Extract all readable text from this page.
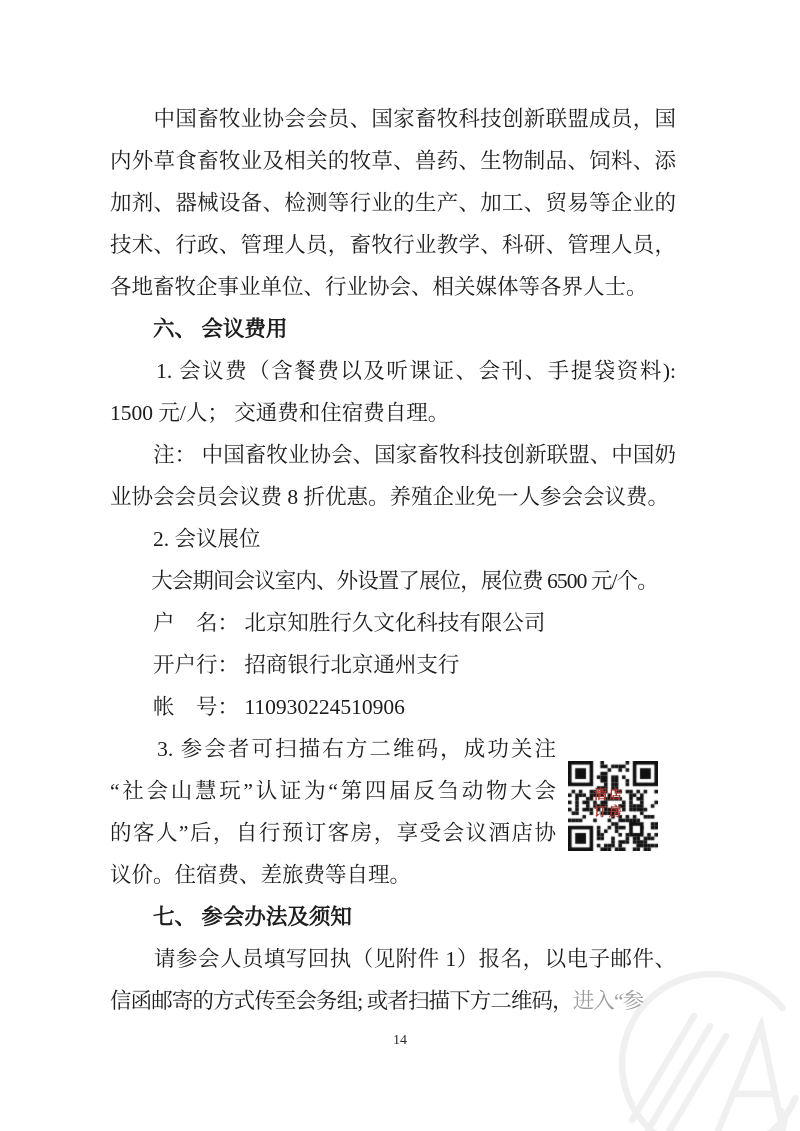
　　中国畜牧业协会会员、国家畜牧科技创新联盟成员，国
内外草食畜牧业及相关的牧草、兽药、生物制品、饲料、添
加剂、器械设备、检测等行业的生产、加工、贸易等企业的
技术、行政、管理人员，畜牧行业教学、科研、管理人员，
各地畜牧企事业单位、行业协会、相关媒体等各界人士。
　　六、 会议费用
　　1. 会议费（含餐费以及听课证、会刊、手提袋资料):
1500 元/人； 交通费和住宿费自理。
　　注： 中国畜牧业协会、国家畜牧科技创新联盟、中国奶
业协会会员会议费 8 折优惠。养殖企业免一人参会会议费。
　　2. 会议展位
　　大会期间会议室内、外设置了展位，展位费 6500 元/个。
　　户　名： 北京知胜行久文化科技有限公司
　　开户行： 招商银行北京通州支行
　　帐　号： 110930224510906
　　3. 参会者可扫描右方二维码，成功关注
“社会山慧玩”认证为“第四届反刍动物大会
的客人”后，自行预订客房，享受会议酒店协
议价。住宿费、差旅费等自理。
　　七、 参会办法及须知
　　请参会人员填写回执（见附件 1）报名，以电子邮件、
信函邮寄的方式传至会务组; 或者扫描下方二维码，进入“参
酒店
订房
14
